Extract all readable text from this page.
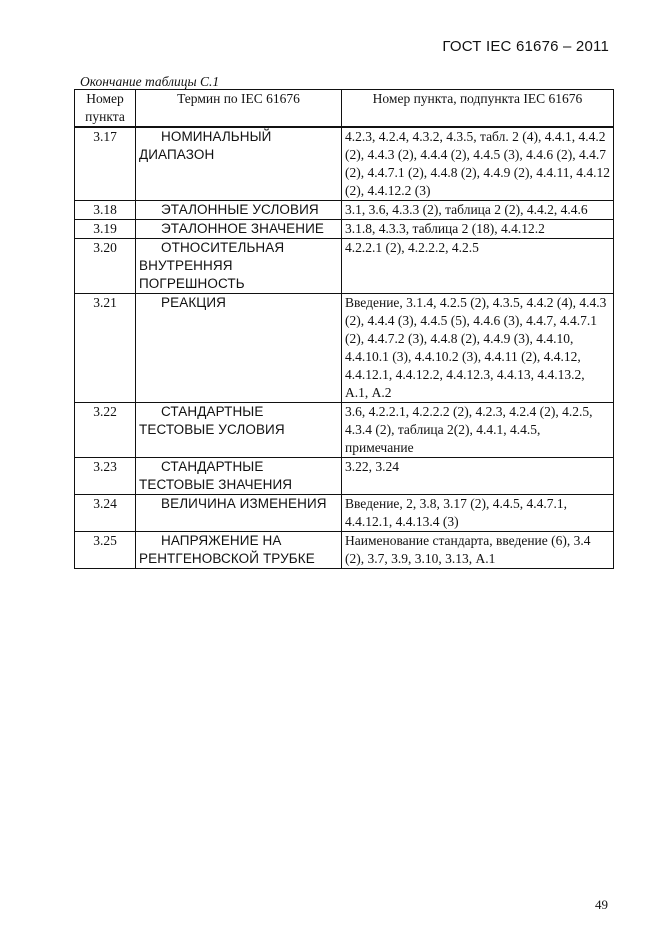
ГОСТ IEC 61676 – 2011
Окончание таблицы С.1
Номер пункта	Термин по IEC 61676	Номер пункта, подпункта IEC 61676
3.17	НОМИНАЛЬНЫЙ ДИАПАЗОН	4.2.3, 4.2.4, 4.3.2, 4.3.5, табл. 2 (4), 4.4.1, 4.4.2 (2), 4.4.3 (2), 4.4.4 (2), 4.4.5 (3), 4.4.6 (2), 4.4.7 (2), 4.4.7.1 (2), 4.4.8 (2), 4.4.9 (2), 4.4.11, 4.4.12 (2), 4.4.12.2 (3)
3.18	ЭТАЛОННЫЕ УСЛОВИЯ	3.1, 3.6, 4.3.3 (2), таблица 2 (2), 4.4.2, 4.4.6
3.19	ЭТАЛОННОЕ ЗНАЧЕНИЕ	3.1.8, 4.3.3, таблица 2 (18), 4.4.12.2
3.20	ОТНОСИТЕЛЬНАЯ ВНУТРЕННЯЯ ПОГРЕШНОСТЬ	4.2.2.1 (2), 4.2.2.2, 4.2.5
3.21	РЕАКЦИЯ	Введение, 3.1.4, 4.2.5 (2), 4.3.5, 4.4.2 (4), 4.4.3 (2), 4.4.4 (3), 4.4.5 (5), 4.4.6 (3), 4.4.7, 4.4.7.1 (2), 4.4.7.2 (3), 4.4.8 (2), 4.4.9 (3), 4.4.10, 4.4.10.1 (3), 4.4.10.2 (3), 4.4.11 (2), 4.4.12, 4.4.12.1, 4.4.12.2, 4.4.12.3, 4.4.13, 4.4.13.2, А.1, А.2
3.22	СТАНДАРТНЫЕ ТЕСТОВЫЕ УСЛОВИЯ	3.6, 4.2.2.1, 4.2.2.2 (2), 4.2.3, 4.2.4 (2), 4.2.5, 4.3.4 (2), таблица 2(2), 4.4.1, 4.4.5, примечание
3.23	СТАНДАРТНЫЕ ТЕСТОВЫЕ ЗНАЧЕНИЯ	3.22, 3.24
3.24	ВЕЛИЧИНА ИЗМЕНЕНИЯ	Введение, 2, 3.8, 3.17 (2), 4.4.5, 4.4.7.1, 4.4.12.1, 4.4.13.4 (3)
3.25	НАПРЯЖЕНИЕ НА РЕНТГЕНОВСКОЙ ТРУБКЕ	Наименование стандарта, введение (6), 3.4 (2), 3.7, 3.9, 3.10, 3.13, А.1
49
